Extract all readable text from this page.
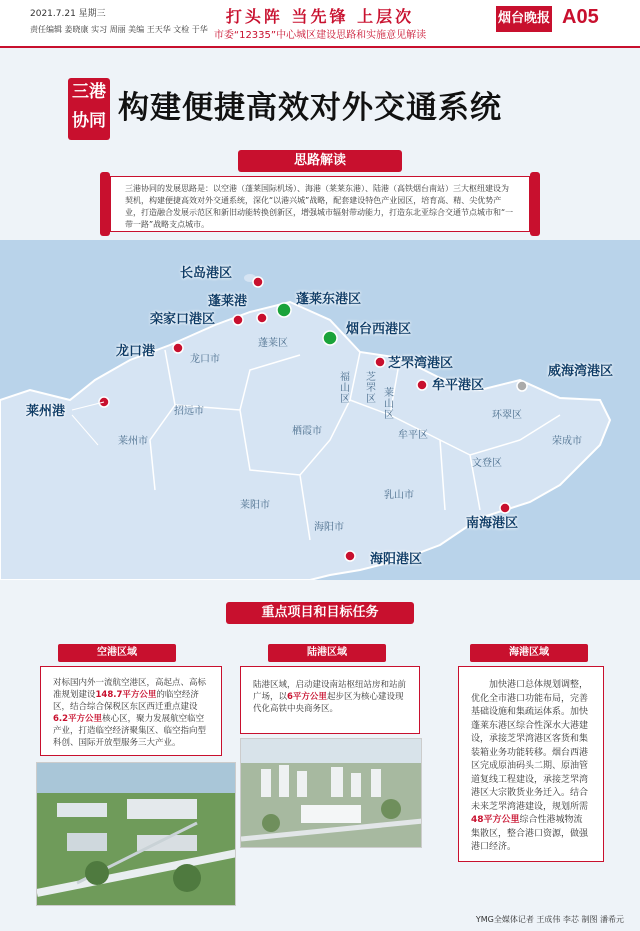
2021.7.21 星期三
责任编辑 姜晓康 实习 周丽 美编 王天华 文检 于华
打头阵 当先锋 上层次
市委“12335”中心城区建设思路和实施意见解读
烟台晚报 A05
三港
协同 构建便捷高效对外交通系统
三港协同的发展思路是：以空港（蓬莱国际机场）、海港（莱莱东港）、陆港（高铁烟台南站）三大枢纽建设为契机，构建便捷高效对外交通系统，深化“以港兴城”战略，配套建设特色产业园区，培育高、精、尖优势产业，打造融合发展示范区和新旧动能转换创新区，增强城市辐射带动能力，打造东北亚综合交通节点城市和“一带一路”战略支点城市。
思路解读
长岛港区
蓬莱港	蓬莱东港区
栾家口港区
烟台西港区
龙口港
芝罘湾港区
牟平港区
威海湾港区
莱州港
南海港区
海阳港区
蓬莱区
龙口市
招远市
莱州市
福山区
芝罘区
莱山区
牟平区
栖霞市
莱阳市
海阳市
乳山市
文登区
环翠区
荣成市
重点项目和目标任务
空港区域
对标国内外一流航空港区，高起点、高标准规划建设148.7平方公里的临空经济区，结合综合保税区东区西迁重点建设6.2平方公里核心区，聚力发展航空临空产业，打造临空经济聚集区、临空指向型科创、国际开放型服务三大产业。
陆港区域
陆港区域，启动建设南站枢纽站房和站前广场，以6平方公里起步区为核心建设现代化高铁中央商务区。
海港区域
加快港口总体规划调整，优化全市港口功能布局，完善基础设施和集疏运体系。加快蓬莱东港区综合性深水大港建设，承接芝罘湾港区客货和集装箱业务功能转移。烟台西港区完成原油码头二期、原油管道复线工程建设，承接芝罘湾港区大宗散货业务迁入。结合未来芝罘湾港建设，规划所需48平方公里综合性港城物流集散区，整合港口资源，做强港口经济。
YMG全媒体记者 王成伟 李芯 制图 潘希元
